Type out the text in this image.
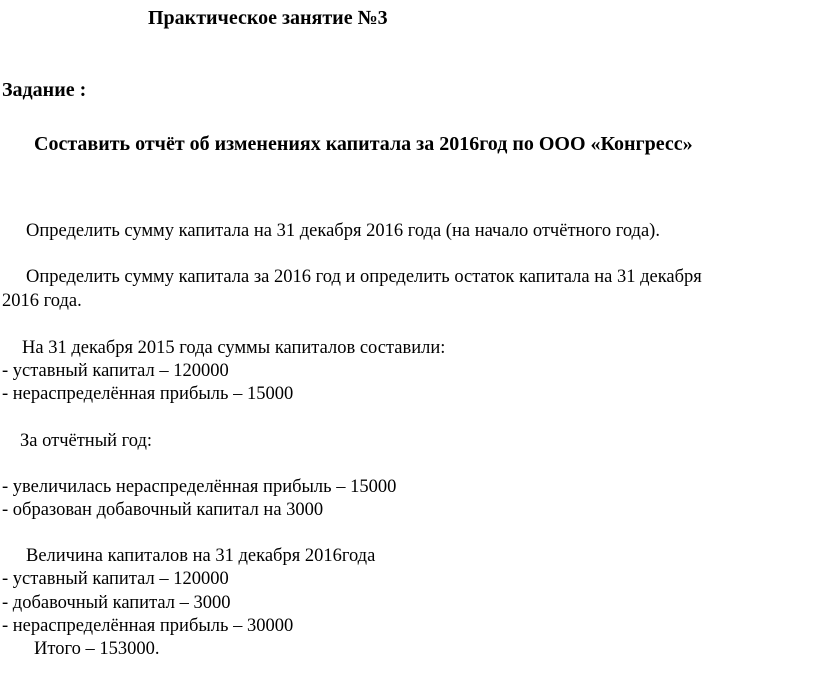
Практическое занятие №3
Задание :
Составить отчёт об изменениях капитала за 2016год по ООО «Конгресс»
Определить сумму капитала на 31 декабря 2016 года (на начало отчётного года).
Определить сумму капитала за 2016 год и определить остаток капитала на 31 декабря
2016 года.
На 31 декабря 2015 года суммы капиталов составили:
- уставный капитал – 120000
- нераспределённая прибыль – 15000
За отчётный год:
- увеличилась нераспределённая прибыль – 15000
- образован добавочный капитал на 3000
Величина капиталов на 31 декабря 2016года
- уставный капитал – 120000
- добавочный капитал – 3000
- нераспределённая прибыль – 30000
Итого – 153000.
